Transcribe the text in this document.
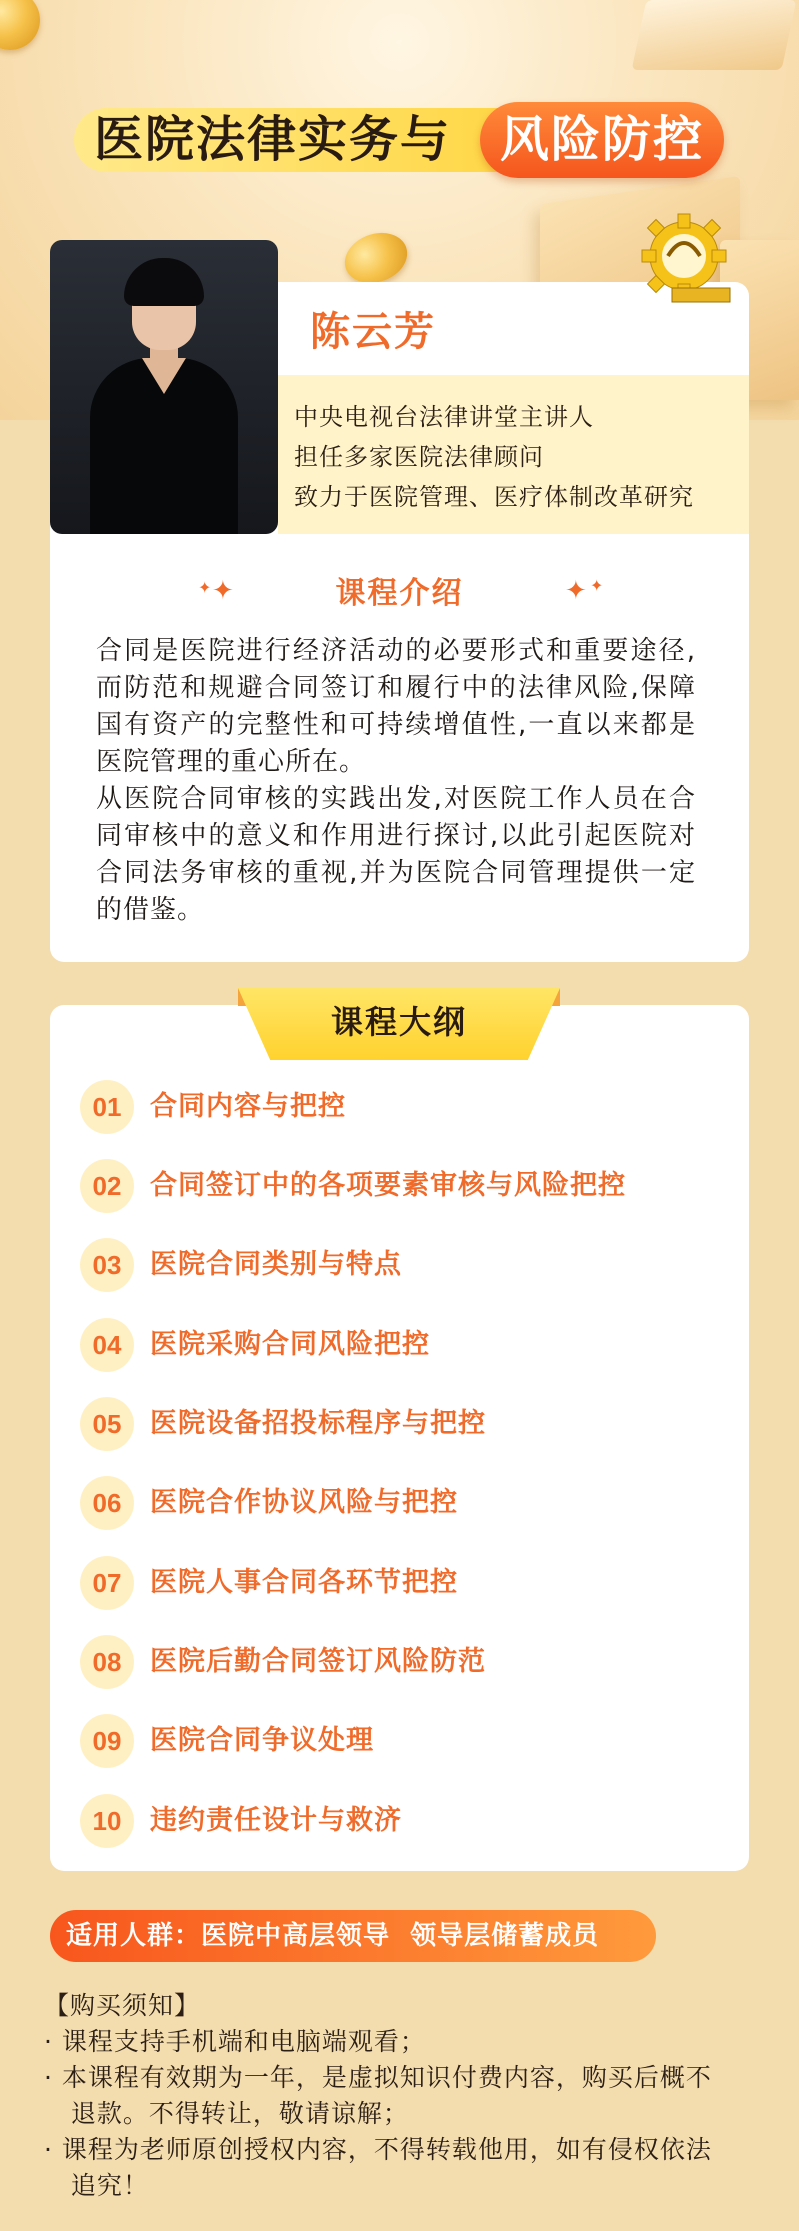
医院法律实务与 风险防控
陈云芳
中央电视台法律讲堂主讲人
担任多家医院法律顾问
致力于医院管理、医疗体制改革研究
✦ ✦	课程介绍	✦ ✦
合同是医院进行经济活动的必要形式和重要途径,而防范和规避合同签订和履行中的法律风险,保障国有资产的完整性和可持续增值性,一直以来都是医院管理的重心所在。
从医院合同审核的实践出发,对医院工作人员在合同审核中的意义和作用进行探讨,以此引起医院对合同法务审核的重视,并为医院合同管理提供一定的借鉴。
课程大纲
01	合同内容与把控
02	合同签订中的各项要素审核与风险把控
03	医院合同类别与特点
04	医院采购合同风险把控
05	医院设备招投标程序与把控
06	医院合作协议风险与把控
07	医院人事合同各环节把控
08	医院后勤合同签订风险防范
09	医院合同争议处理
10	违约责任设计与救济
适用人群：医院中高层领导  领导层储蓄成员
【购买须知】
· 课程支持手机端和电脑端观看；
· 本课程有效期为一年，是虚拟知识付费内容，购买后概不
退款。不得转让，敬请谅解；
· 课程为老师原创授权内容，不得转载他用，如有侵权依法
追究！
